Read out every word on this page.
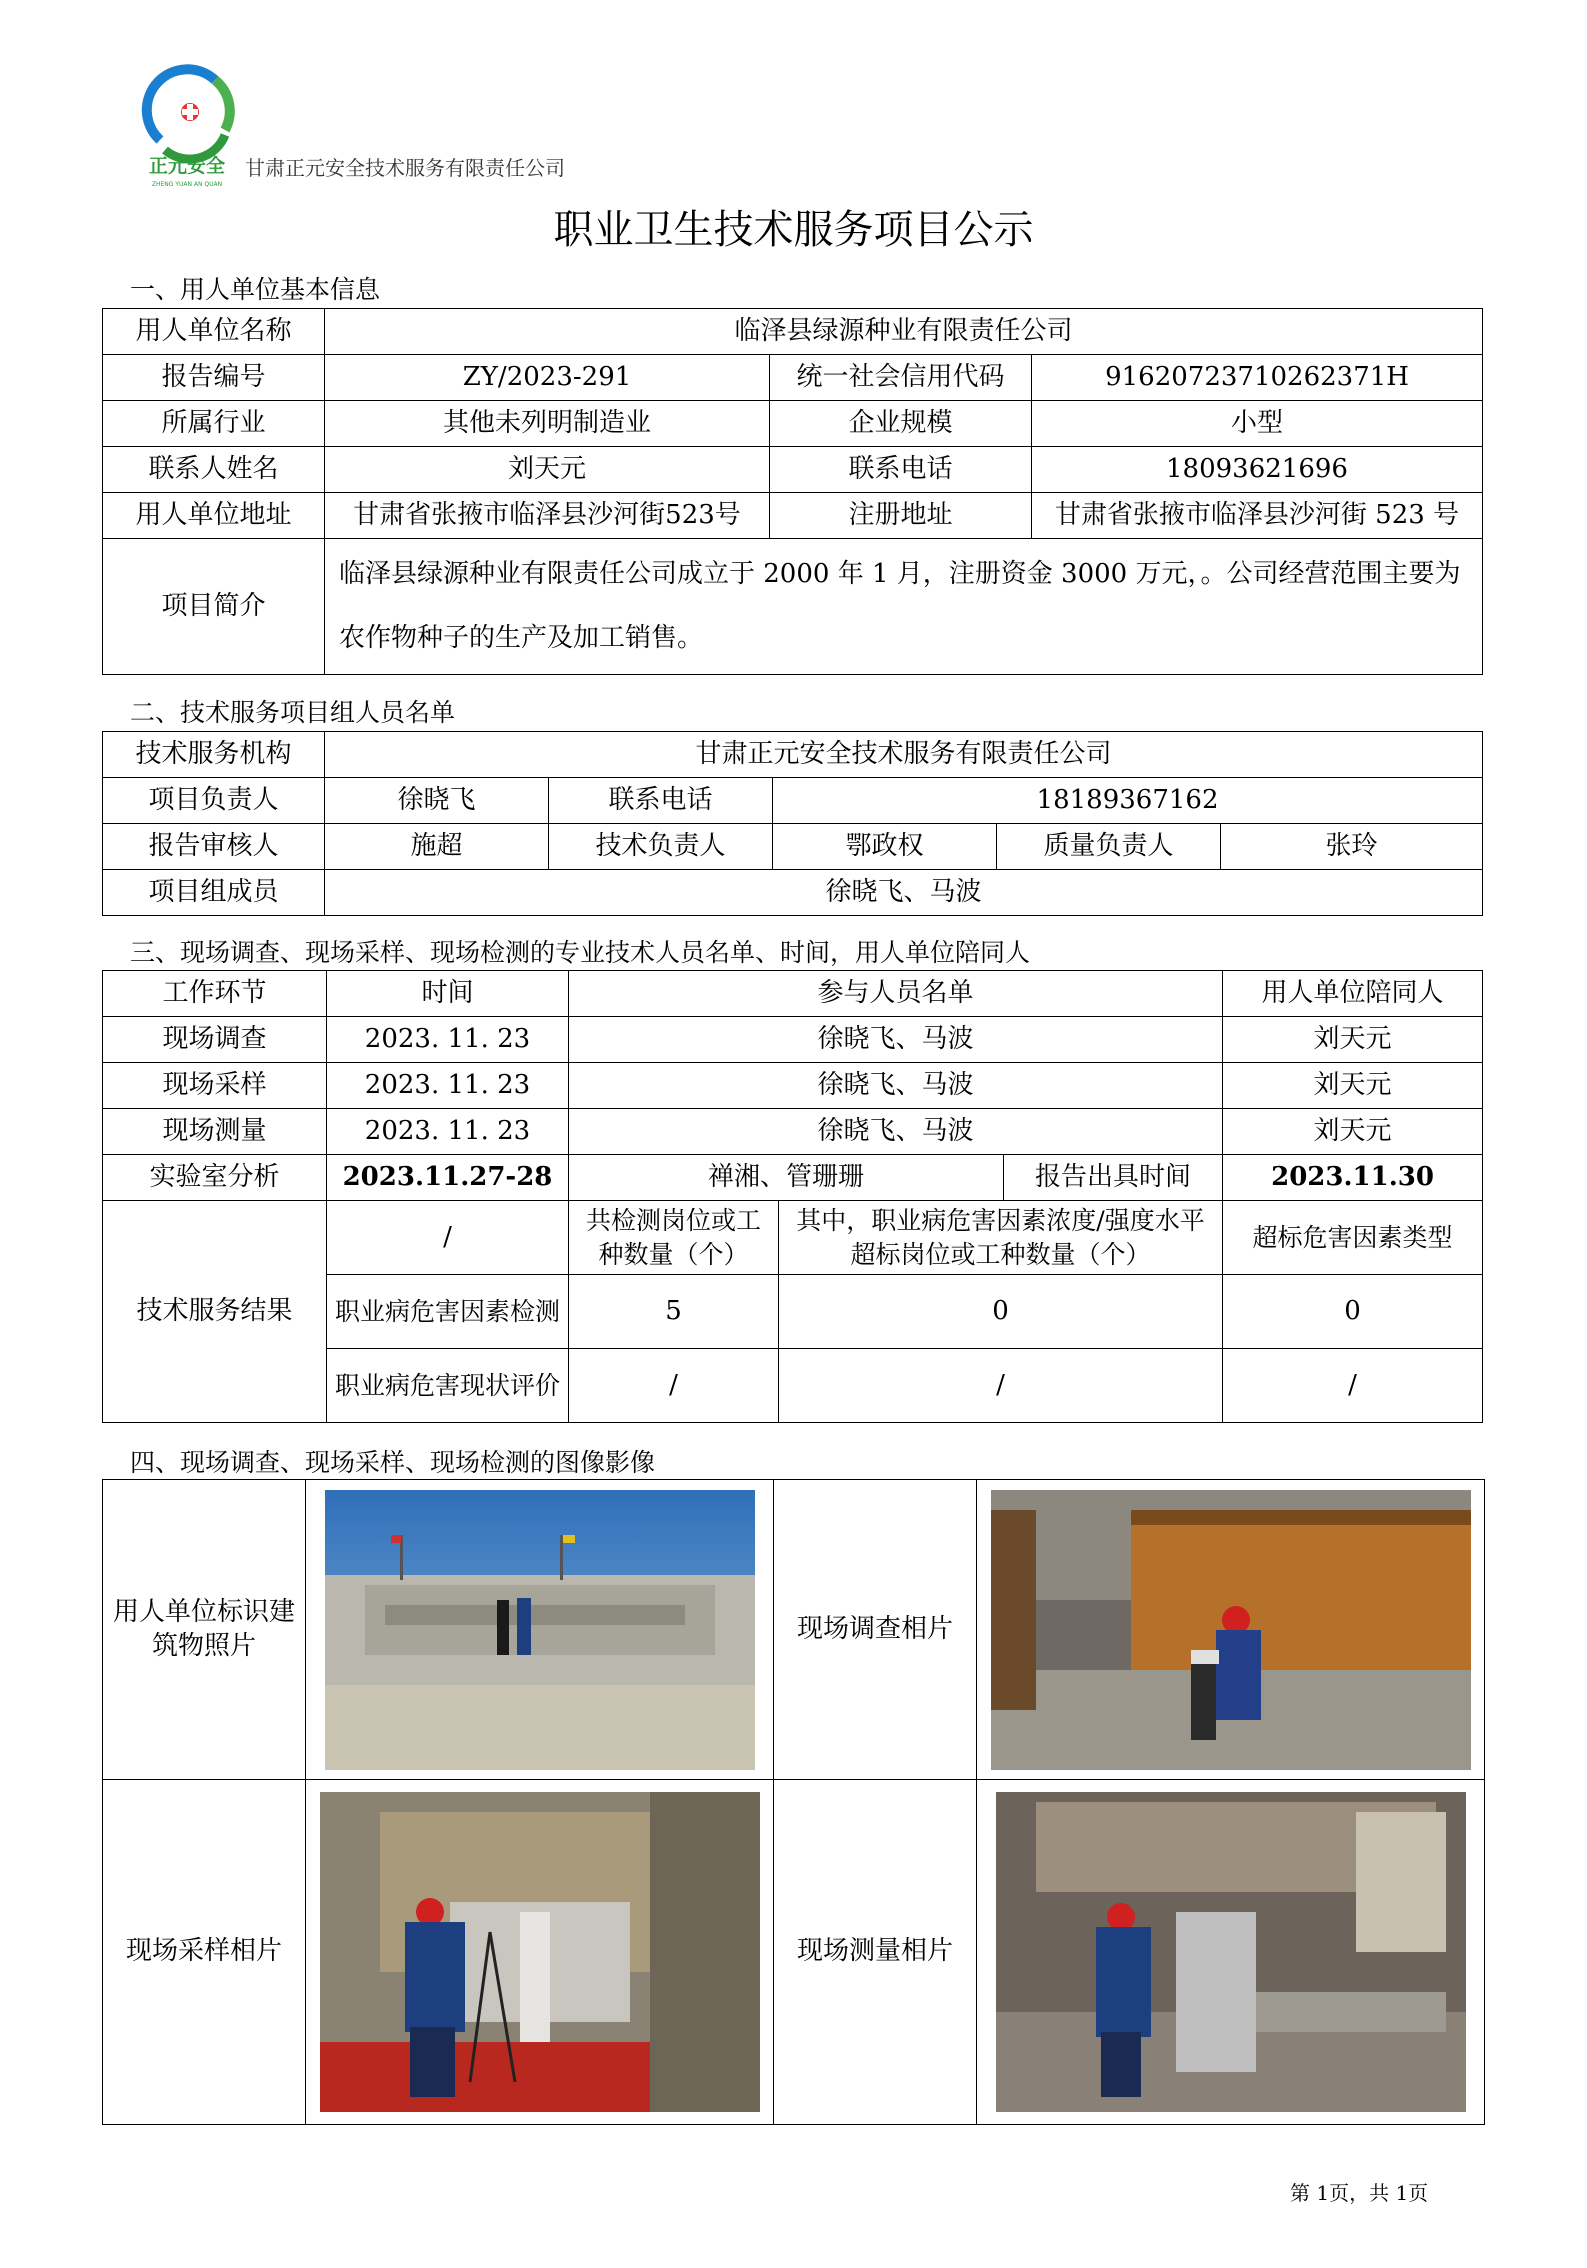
正元安全
ZHENG YUAN AN QUAN
甘肃正元安全技术服务有限责任公司
职业卫生技术服务项目公示
一、用人单位基本信息
用人单位名称	临泽县绿源种业有限责任公司		
报告编号	ZY/2023-291	统一社会信用代码	91620723710262371H
所属行业	其他未列明制造业	企业规模	小型
联系人姓名	刘天元	联系电话	18093621696
用人单位地址	甘肃省张掖市临泽县沙河街523号	注册地址	甘肃省张掖市临泽县沙河街 523 号
项目简介	临泽县绿源种业有限责任公司成立于 2000 年 1 月，注册资金 3000 万元，。公司经营范围主要为农作物种子的生产及加工销售。		
二、技术服务项目组人员名单
技术服务机构	甘肃正元安全技术服务有限责任公司				
项目负责人	徐晓飞	联系电话	18189367162		
报告审核人	施超	技术负责人	鄂政权	质量负责人	张玲
项目组成员	徐晓飞、马波				
三、现场调查、现场采样、现场检测的专业技术人员名单、时间，用人单位陪同人
工作环节	时间	参与人员名单			用人单位陪同人
现场调查	2023. 11. 23	徐晓飞、马波			刘天元
现场采样	2023. 11. 23	徐晓飞、马波			刘天元
现场测量	2023. 11. 23	徐晓飞、马波			刘天元
实验室分析	2023.11.27-28	禅湘、管珊珊		报告出具时间	2023.11.30
技术服务结果	/	共检测岗位或工种数量（个）	其中，职业病危害因素浓度/强度水平超标岗位或工种数量（个）		超标危害因素类型
	职业病危害因素检测	5	0		0
	职业病危害现状评价	/	/		/
四、现场调查、现场采样、现场检测的图像影像
用人单位标识建筑物照片		现场调查相片	

现场采样相片		现场测量相片	
第 1页，共 1页
